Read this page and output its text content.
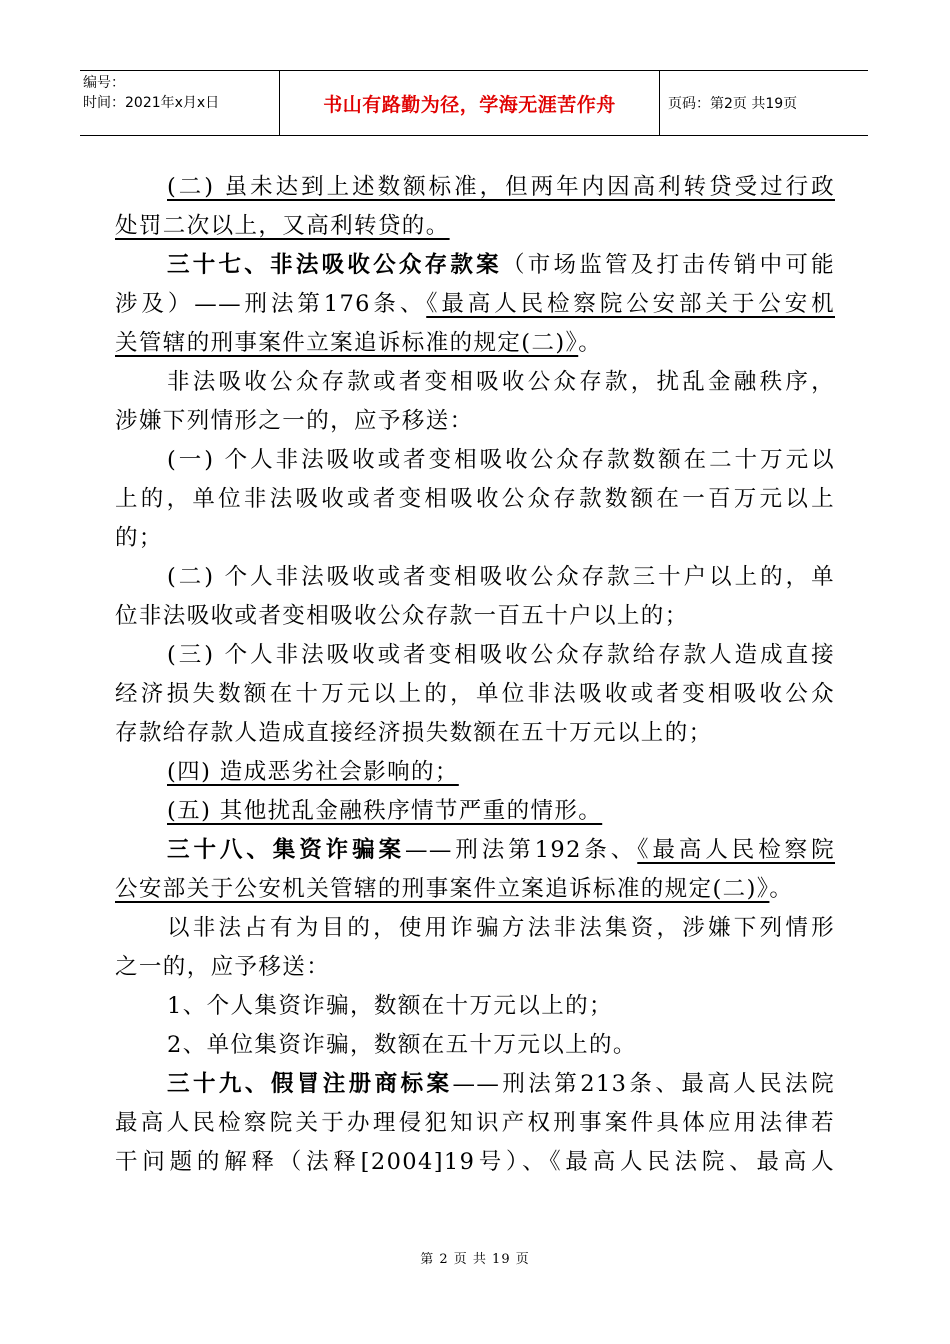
编号：
时间：2021年x月x日	书山有路勤为径，学海无涯苦作舟	页码：第2页 共19页
(二) 虽未达到上述数额标准，但两年内因高利转贷受过行政
处罚二次以上，又高利转贷的。
三十七、非法吸收公众存款案（市场监管及打击传销中可能
涉及）——刑法第176条、《最高人民检察院公安部关于公安机
关管辖的刑事案件立案追诉标准的规定(二)》。
非法吸收公众存款或者变相吸收公众存款，扰乱金融秩序，
涉嫌下列情形之一的，应予移送：
(一) 个人非法吸收或者变相吸收公众存款数额在二十万元以
上的，单位非法吸收或者变相吸收公众存款数额在一百万元以上
的；
(二) 个人非法吸收或者变相吸收公众存款三十户以上的，单
位非法吸收或者变相吸收公众存款一百五十户以上的；
(三) 个人非法吸收或者变相吸收公众存款给存款人造成直接
经济损失数额在十万元以上的，单位非法吸收或者变相吸收公众
存款给存款人造成直接经济损失数额在五十万元以上的；
(四) 造成恶劣社会影响的；
(五) 其他扰乱金融秩序情节严重的情形。
三十八、集资诈骗案——刑法第192条、《最高人民检察院
公安部关于公安机关管辖的刑事案件立案追诉标准的规定(二)》。
以非法占有为目的，使用诈骗方法非法集资，涉嫌下列情形
之一的，应予移送：
1、个人集资诈骗，数额在十万元以上的；
2、单位集资诈骗，数额在五十万元以上的。
三十九、假冒注册商标案——刑法第213条、最高人民法院
最高人民检察院关于办理侵犯知识产权刑事案件具体应用法律若
干问题的解释（法释[2004]19号）、《最高人民法院、最高人
第 2 页 共 19 页
